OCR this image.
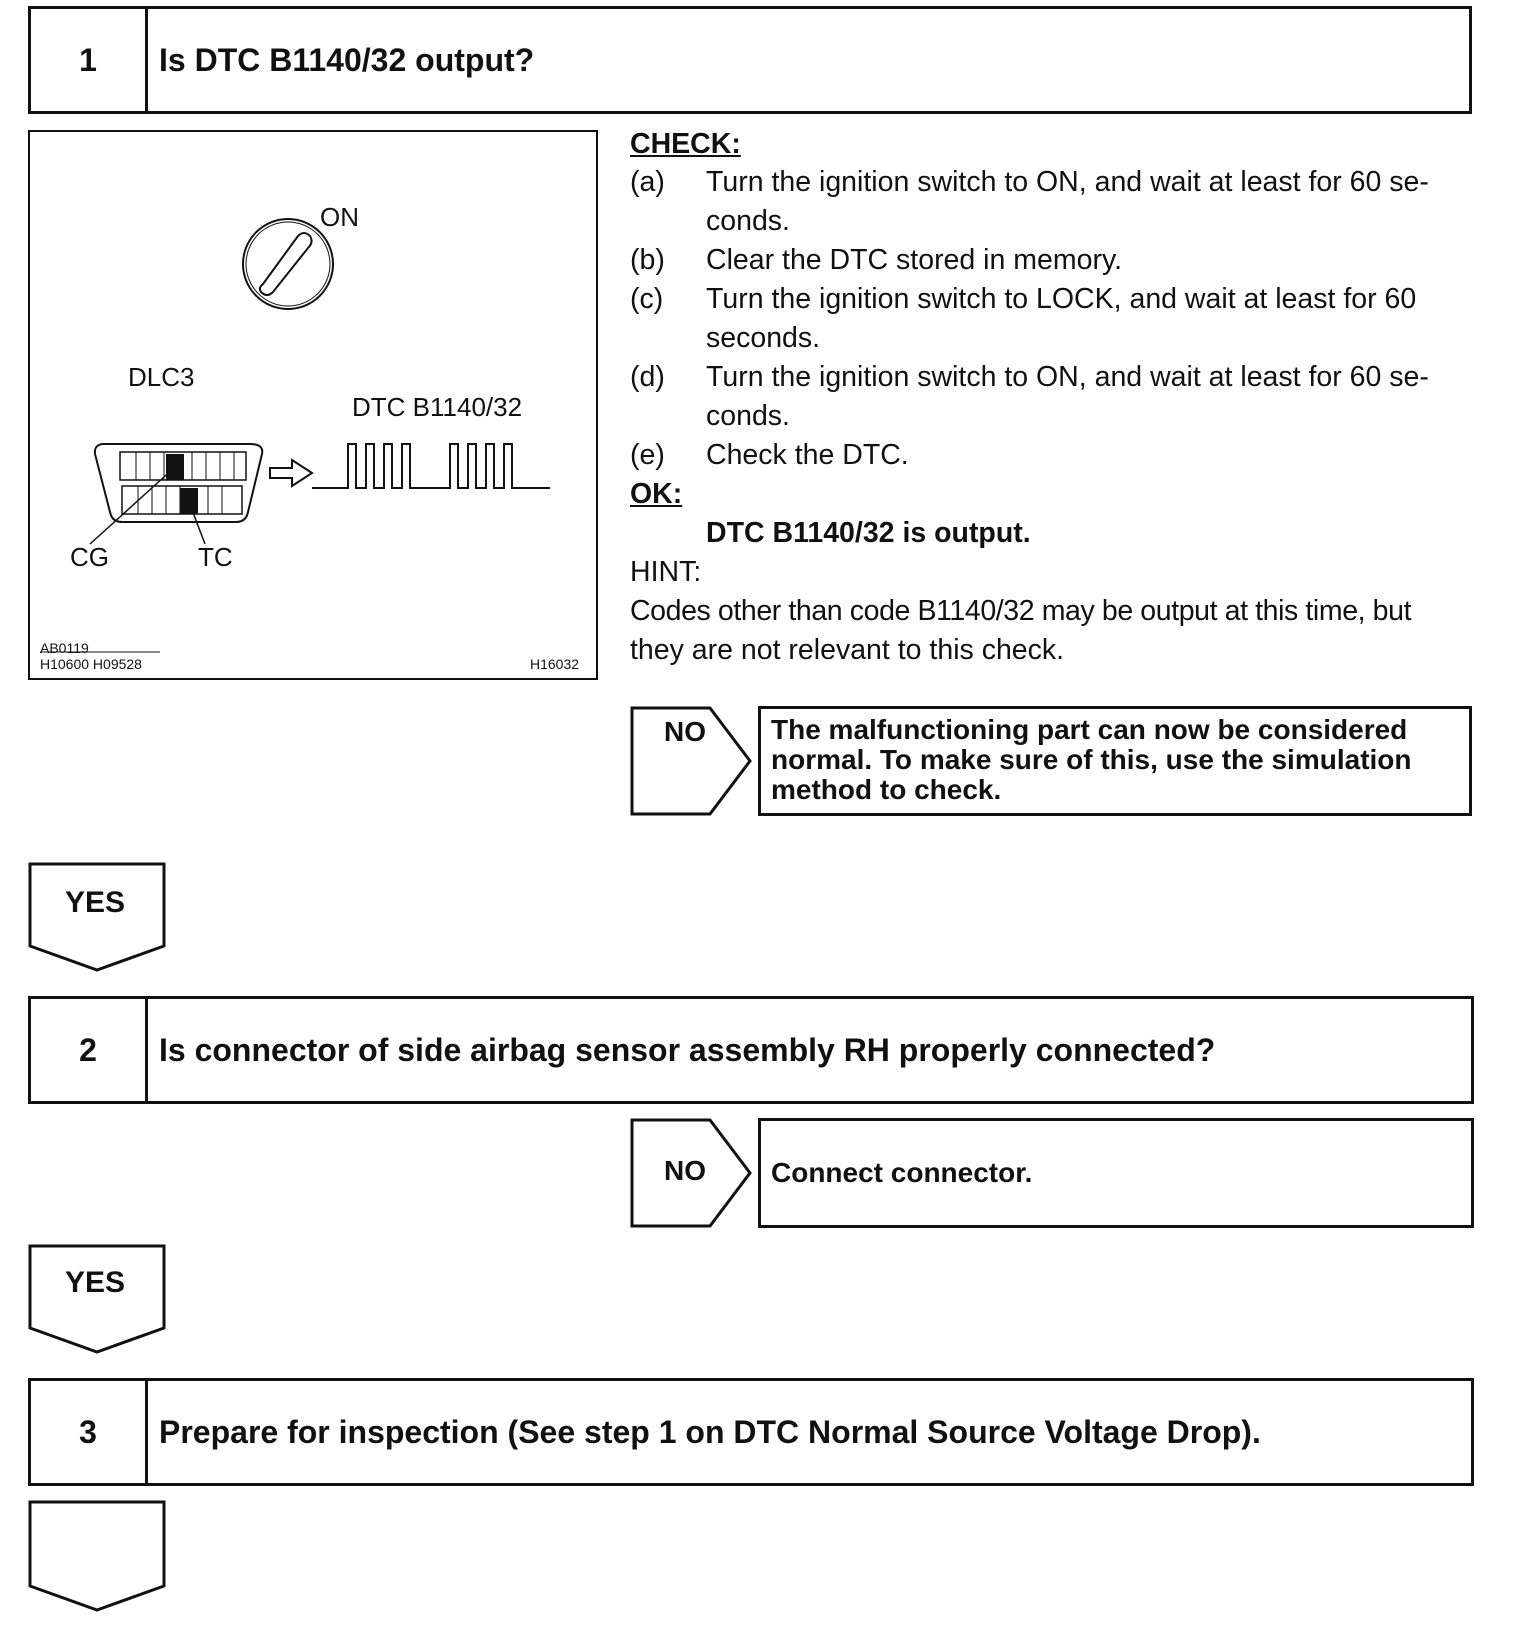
1	Is DTC B1140/32 output?
ON
DLC3
DTC B1140/32
CG	TC
AB0119
H10600 H09528	H16032
CHECK:
(a) Turn the ignition switch to ON, and wait at least for 60 se-
conds.
(b) Clear the DTC stored in memory.
(c) Turn the ignition switch to LOCK, and wait at least for 60
seconds.
(d) Turn the ignition switch to ON, and wait at least for 60 se-
conds.
(e) Check the DTC.
OK:
DTC B1140/32 is output.
HINT:
Codes other than code B1140/32 may be output at this time, but
they are not relevant to this check.
NO The malfunctioning part can now be considered
normal. To make sure of this, use the simulation
method to check.
YES
2	Is connector of side airbag sensor assembly RH properly connected?
NO Connect connector.
YES
3	Prepare for inspection (See step 1 on DTC Normal Source Voltage Drop).
